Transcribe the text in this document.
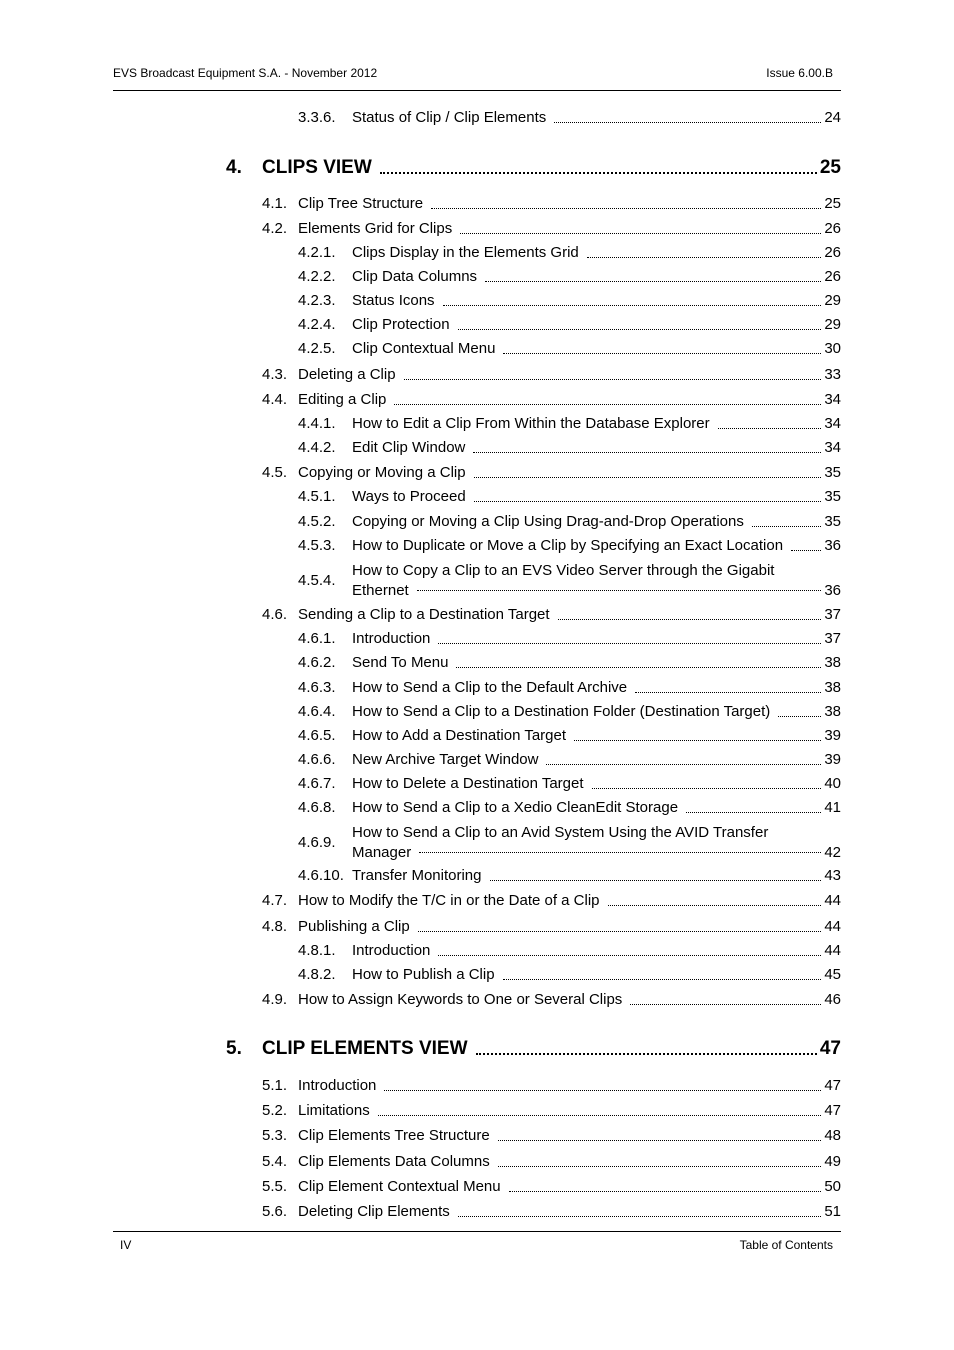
EVS Broadcast Equipment S.A. - November 2012	Issue 6.00.B
3.3.6.	Status of Clip / Clip Elements	24
4.	CLIPS VIEW	25
4.1. Clip Tree Structure	25
4.2. Elements Grid for Clips	26
4.2.1.	Clips Display in the Elements Grid	26
4.2.2.	Clip Data Columns	26
4.2.3.	Status Icons	29
4.2.4.	Clip Protection	29
4.2.5.	Clip Contextual Menu	30
4.3. Deleting a Clip	33
4.4. Editing a Clip	34
4.4.1.	How to Edit a Clip From Within the Database Explorer	34
4.4.2.	Edit Clip Window	34
4.5. Copying or Moving a Clip	35
4.5.1.	Ways to Proceed	35
4.5.2.	Copying or Moving a Clip Using Drag-and-Drop Operations	35
4.5.3.	How to Duplicate or Move a Clip by Specifying an Exact Location	36
4.5.4.
How to Copy a Clip to an EVS Video Server through the Gigabit
Ethernet	36
4.6. Sending a Clip to a Destination Target	37
4.6.1.	Introduction	37
4.6.2.	Send To Menu	38
4.6.3.	How to Send a Clip to the Default Archive	38
4.6.4.	How to Send a Clip to a Destination Folder (Destination Target)	38
4.6.5.	How to Add a Destination Target	39
4.6.6.	New Archive Target Window	39
4.6.7.	How to Delete a Destination Target	40
4.6.8.	How to Send a Clip to a Xedio CleanEdit Storage	41
4.6.9.
How to Send a Clip to an Avid System Using the AVID Transfer
Manager	42
4.6.10. Transfer Monitoring	43
4.7. How to Modify the T/C in or the Date of a Clip	44
4.8. Publishing a Clip	44
4.8.1.	Introduction	44
4.8.2.	How to Publish a Clip	45
4.9. How to Assign Keywords to One or Several Clips	46
5.	CLIP ELEMENTS VIEW	47
5.1. Introduction	47
5.2. Limitations	47
5.3. Clip Elements Tree Structure	48
5.4. Clip Elements Data Columns	49
5.5. Clip Element Contextual Menu	50
5.6. Deleting Clip Elements	51
IV	Table of Contents
